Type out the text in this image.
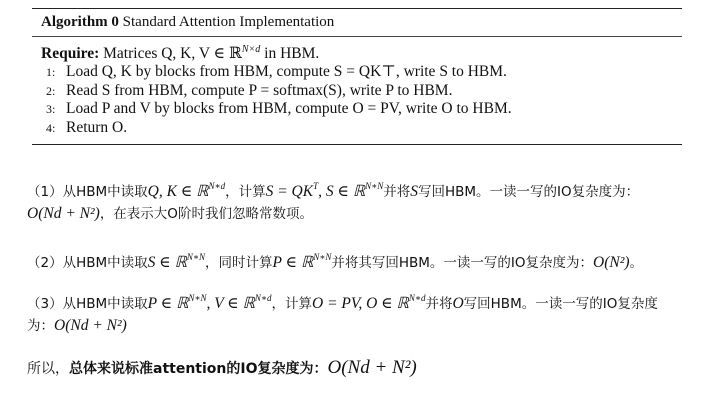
Algorithm 0 Standard Attention Implementation
Require: Matrices Q, K, V ∈ ℝ$^{N\times d}$ in HBM.
1: Load Q, K by blocks from HBM, compute S = QK⊤, write S to HBM.
2: Read S from HBM, compute P = softmax(S), write P to HBM.
3: Load P and V by blocks from HBM, compute O = PV, write O to HBM.
4: Return O.
（1）从HBM中读取Q, K ∈ ℝ$^{N∗d}$，计算$S = QK^T$, S ∈ ℝ$^{N∗N}$并将S写回HBM。一读一写的IO复杂度为：
O(Nd + N²)，在表示大O阶时我们忽略常数项。
（2）从HBM中读取S ∈ ℝ$^{N∗N}$，同时计算P ∈ ℝ$^{N∗N}$并将其写回HBM。一读一写的IO复杂度为：O(N²)。
（3）从HBM中读取P ∈ ℝ$^{N∗N}$, V ∈ ℝ$^{N∗d}$，计算O = PV, O ∈ ℝ$^{N∗d}$并将O写回HBM。一读一写的IO复杂度
为：O(Nd + N²)
所以，总体来说标准attention的IO复杂度为：O(Nd + N²)
